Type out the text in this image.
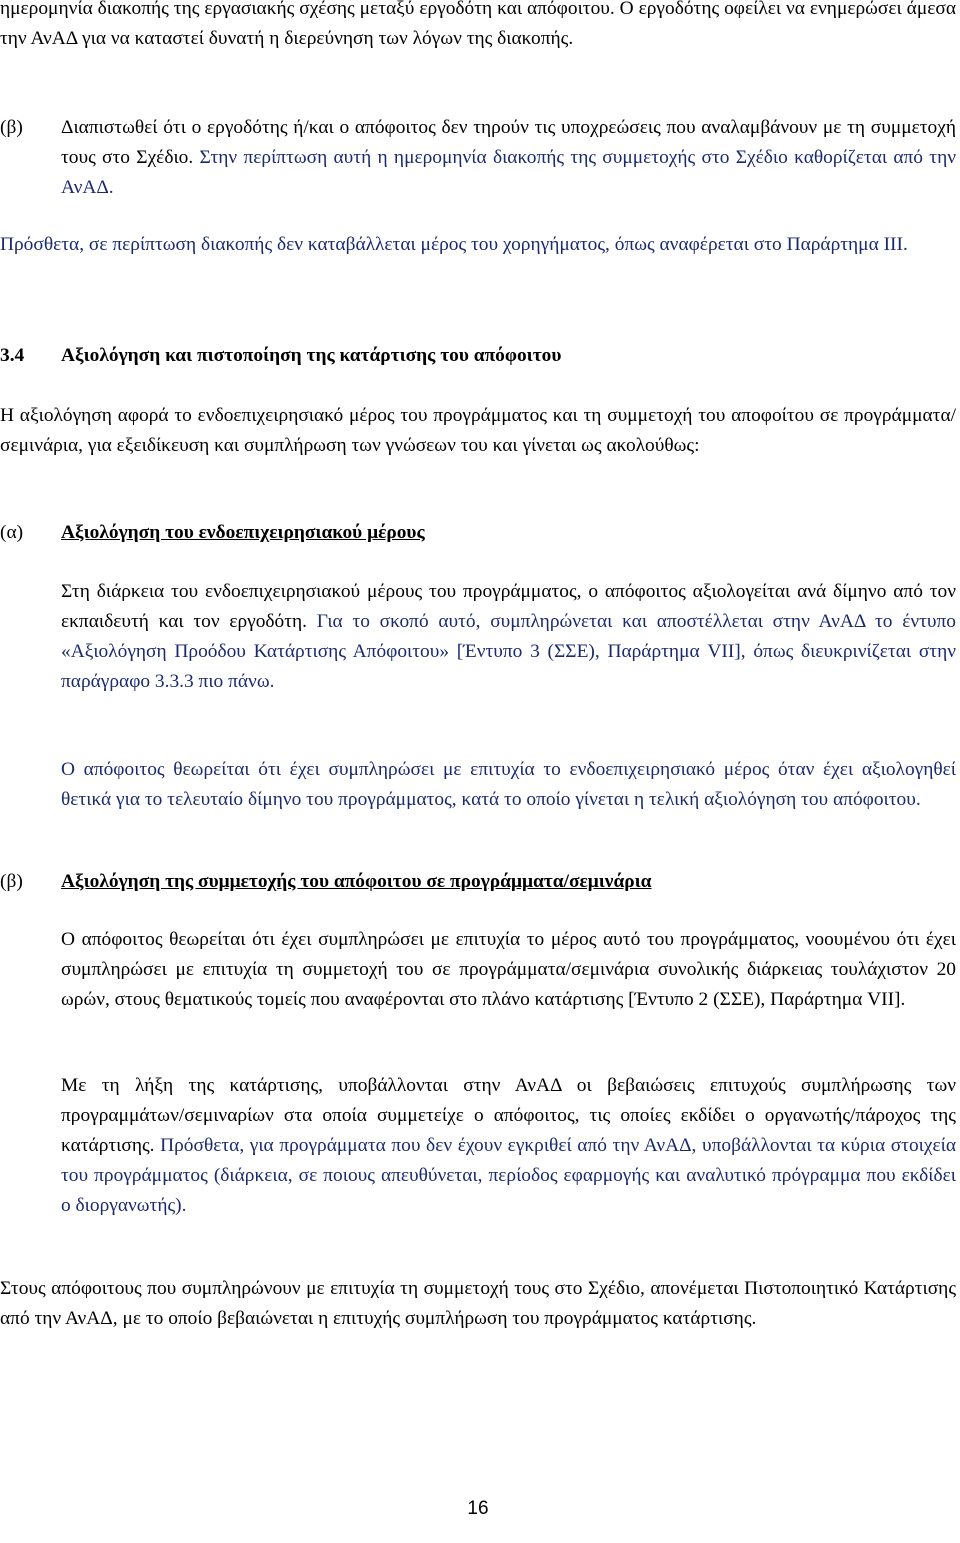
ημερομηνία διακοπής της εργασιακής σχέσης μεταξύ εργοδότη και απόφοιτου. Ο εργοδότης οφείλει να ενημερώσει άμεσα την ΑνΑΔ για να καταστεί δυνατή η διερεύνηση των λόγων της διακοπής.

(β) Διαπιστωθεί ότι ο εργοδότης ή/και ο απόφοιτος δεν τηρούν τις υποχρεώσεις που αναλαμβάνουν με τη συμμετοχή τους στο Σχέδιο. Στην περίπτωση αυτή η ημερομηνία διακοπής της συμμετοχής στο Σχέδιο καθορίζεται από την ΑνΑΔ.

Πρόσθετα, σε περίπτωση διακοπής δεν καταβάλλεται μέρος του χορηγήματος, όπως αναφέρεται στο Παράρτημα ΙΙΙ.

3.4 Αξιολόγηση και πιστοποίηση της κατάρτισης του απόφοιτου

Η αξιολόγηση αφορά το ενδοεπιχειρησιακό μέρος του προγράμματος και τη συμμετοχή του αποφοίτου σε προγράμματα/σεμινάρια, για εξειδίκευση και συμπλήρωση των γνώσεων του και γίνεται ως ακολούθως:

(α) Αξιολόγηση του ενδοεπιχειρησιακού μέρους

Στη διάρκεια του ενδοεπιχειρησιακού μέρους του προγράμματος, ο απόφοιτος αξιολογείται ανά δίμηνο από τον εκπαιδευτή και τον εργοδότη. Για το σκοπό αυτό, συμπληρώνεται και αποστέλλεται στην ΑνΑΔ το έντυπο «Αξιολόγηση Προόδου Κατάρτισης Απόφοιτου» [Έντυπο 3 (ΣΣΕ), Παράρτημα VII], όπως διευκρινίζεται στην παράγραφο 3.3.3 πιο πάνω.

Ο απόφοιτος θεωρείται ότι έχει συμπληρώσει με επιτυχία το ενδοεπιχειρησιακό μέρος όταν έχει αξιολογηθεί θετικά για το τελευταίο δίμηνο του προγράμματος, κατά το οποίο γίνεται η τελική αξιολόγηση του απόφοιτου.

(β) Αξιολόγηση της συμμετοχής του απόφοιτου σε προγράμματα/σεμινάρια

Ο απόφοιτος θεωρείται ότι έχει συμπληρώσει με επιτυχία το μέρος αυτό του προγράμματος, νοουμένου ότι έχει συμπληρώσει με επιτυχία τη συμμετοχή του σε προγράμματα/σεμινάρια συνολικής διάρκειας τουλάχιστον 20 ωρών, στους θεματικούς τομείς που αναφέρονται στο πλάνο κατάρτισης [Έντυπο 2 (ΣΣΕ), Παράρτημα VII].

Με τη λήξη της κατάρτισης, υποβάλλονται στην ΑνΑΔ οι βεβαιώσεις επιτυχούς συμπλήρωσης των προγραμμάτων/σεμιναρίων στα οποία συμμετείχε ο απόφοιτος, τις οποίες εκδίδει ο οργανωτής/πάροχος της κατάρτισης. Πρόσθετα, για προγράμματα που δεν έχουν εγκριθεί από την ΑνΑΔ, υποβάλλονται τα κύρια στοιχεία του προγράμματος (διάρκεια, σε ποιους απευθύνεται, περίοδος εφαρμογής και αναλυτικό πρόγραμμα που εκδίδει ο διοργανωτής).

Στους απόφοιτους που συμπληρώνουν με επιτυχία τη συμμετοχή τους στο Σχέδιο, απονέμεται Πιστοποιητικό Κατάρτισης από την ΑνΑΔ, με το οποίο βεβαιώνεται η επιτυχής συμπλήρωση του προγράμματος κατάρτισης.

16
